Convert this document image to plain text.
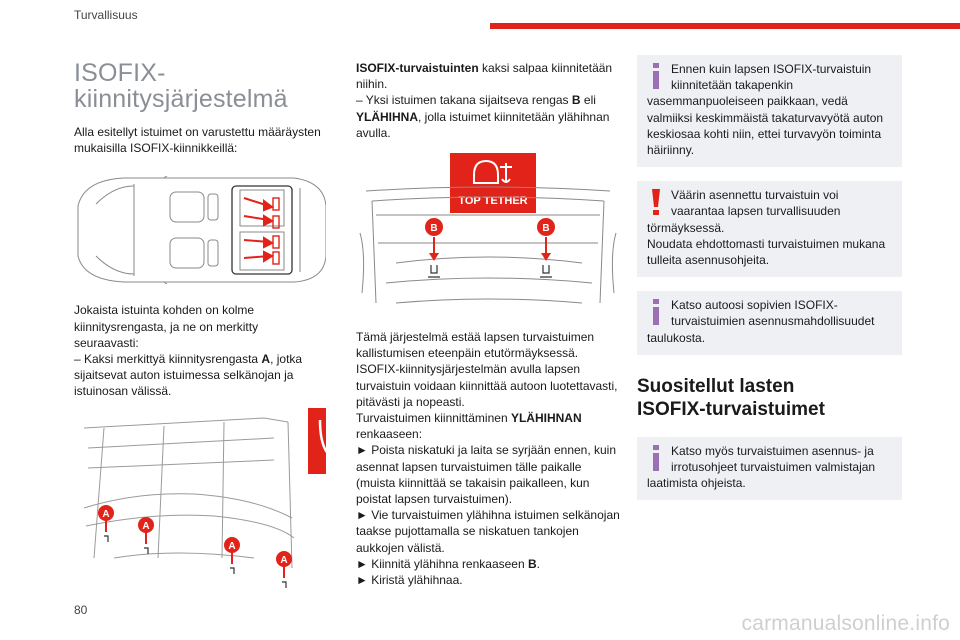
Turvallisuus
ISOFIX-
kiinnitysjärjestelmä

Alla esitellyt istuimet on varustettu määräysten mukaisilla ISOFIX-kiinnikkeillä:

Jokaista istuinta kohden on kolme kiinnitysrengasta, ja ne on merkitty seuraavasti:

– Kaksi merkittyä kiinnitysrengasta A, jotka sijaitsevat auton istuimessa selkänojan ja istuinosan välissä.

A
A
A
A

ISOFIX-turvaistuinten kaksi salpaa kiinnitetään niihin.

– Yksi istuimen takana sijaitseva rengas B eli YLÄHIHNA, jolla istuimet kiinnitetään ylähihnan avulla.

TOP TETHER
B	B

Tämä järjestelmä estää lapsen turvaistuimen kallistumisen eteenpäin etutörmäyksessä.

ISOFIX-kiinnitysjärjestelmän avulla lapsen turvaistuin voidaan kiinnittää autoon luotettavasti, pitävästi ja nopeasti.

Turvaistuimen kiinnittäminen YLÄHIHNAN renkaaseen:

► Poista niskatuki ja laita se syrjään ennen, kuin asennat lapsen turvaistuimen tälle paikalle (muista kiinnittää se takaisin paikalleen, kun poistat lapsen turvaistuimen).

► Vie turvaistuimen ylähihna istuimen selkänojan taakse pujottamalla se niskatuen tankojen aukkojen välistä.

► Kiinnitä ylähihna renkaaseen B.

► Kiristä ylähihnaa.

Ennen kuin lapsen ISOFIX-turvaistuin kiinnitetään takapenkin
vasemmanpuoleiseen paikkaan, vedä valmiiksi keskimmäistä takaturvavyötä auton keskiosaa kohti niin, ettei turvavyön toiminta häiriinny.
Väärin asennettu turvaistuin voi vaarantaa lapsen turvallisuuden
törmäyksessä.
Noudata ehdottomasti turvaistuimen mukana tulleita asennusohjeita.
Katso autoosi sopivien ISOFIX-turvaistuimien asennusmahdollisuudet
taulukosta.
Suositellut lasten
ISOFIX-turvaistuimet
Katso myös turvaistuimen asennus- ja irrotusohjeet turvaistuimen valmistajan
laatimista ohjeista.
80
carmanualsonline.info
